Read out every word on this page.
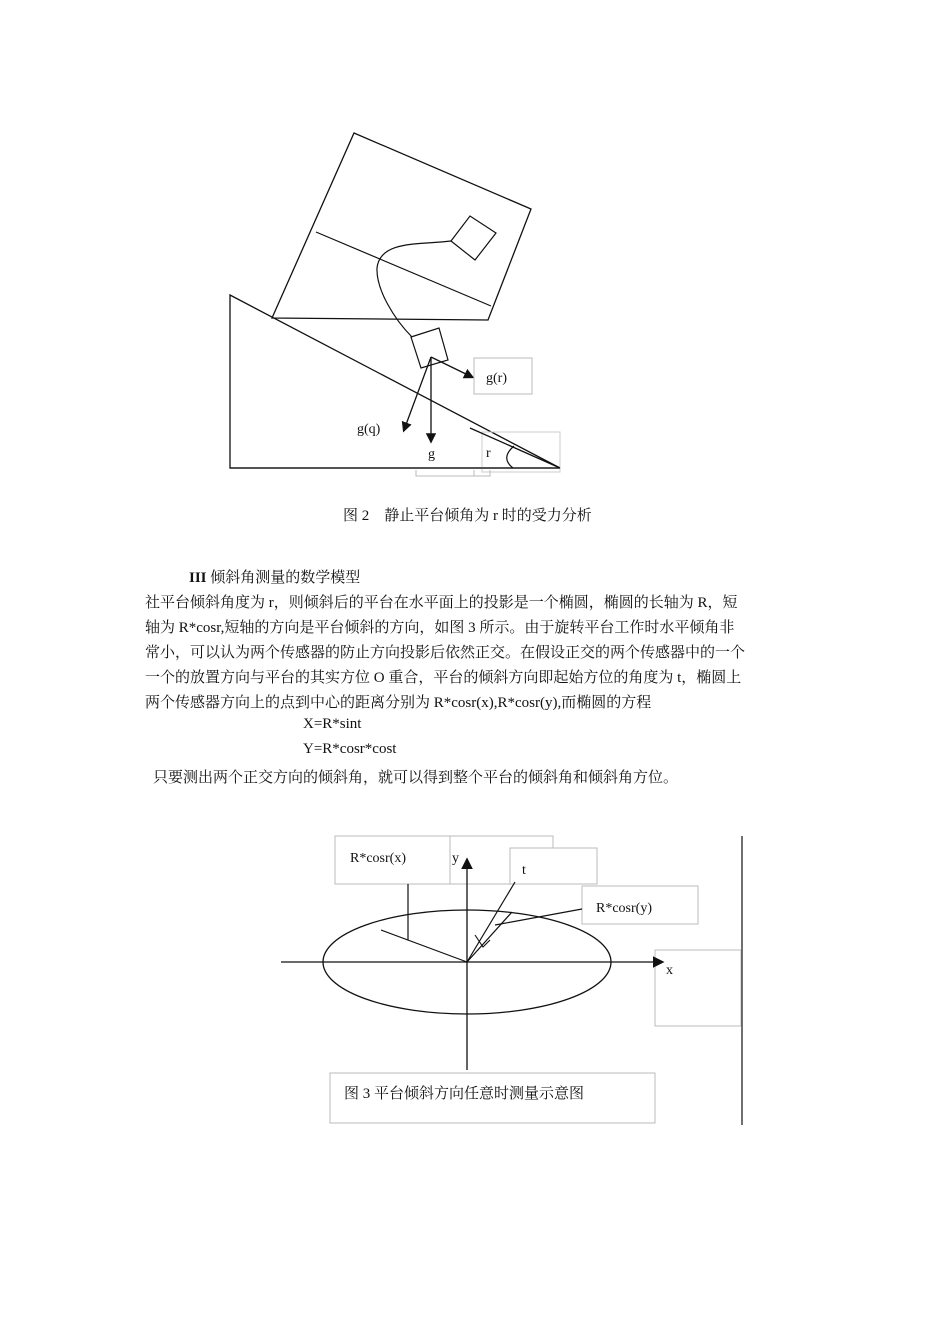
g(r)
g(q)
g	r
图 2　静止平台倾角为 r 时的受力分析
III 倾斜角测量的数学模型
社平台倾斜角度为 r，则倾斜后的平台在水平面上的投影是一个椭圆，椭圆的长轴为 R，短
轴为 R*cosr,短轴的方向是平台倾斜的方向，如图 3 所示。由于旋转平台工作时水平倾角非
常小，可以认为两个传感器的防止方向投影后依然正交。在假设正交的两个传感器中的一个
一个的放置方向与平台的其实方位 O 重合，平台的倾斜方向即起始方位的角度为 t，椭圆上
两个传感器方向上的点到中心的距离分别为 R*cosr(x),R*cosr(y),而椭圆的方程
X=R*sint
Y=R*cosr*cost
只要测出两个正交方向的倾斜角，就可以得到整个平台的倾斜角和倾斜角方位。
R*cosr(x)	y
t
R*cosr(y)
x
图 3 平台倾斜方向任意时测量示意图
